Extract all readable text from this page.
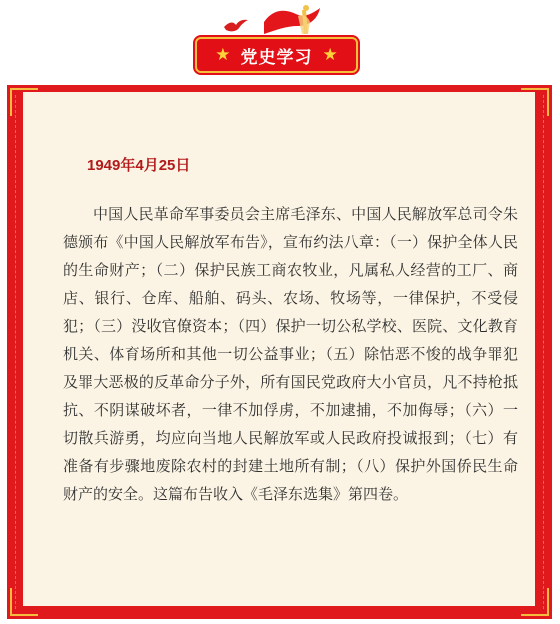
★ 党史学习 ★

1949年4月25日

中国人民革命军事委员会主席毛泽东、中国人民解放军总司令朱德颁布《中国人民解放军布告》，宣布约法八章：（一）保护全体人民的生命财产；（二）保护民族工商农牧业，凡属私人经营的工厂、商店、银行、仓库、船舶、码头、农场、牧场等，一律保护，不受侵犯；（三）没收官僚资本；（四）保护一切公私学校、医院、文化教育机关、体育场所和其他一切公益事业；（五）除怙恶不悛的战争罪犯及罪大恶极的反革命分子外，所有国民党政府大小官员，凡不持枪抵抗、不阴谋破坏者，一律不加俘虏，不加逮捕，不加侮辱；（六）一切散兵游勇，均应向当地人民解放军或人民政府投诚报到；（七）有准备有步骤地废除农村的封建土地所有制；（八）保护外国侨民生命财产的安全。这篇布告收入《毛泽东选集》第四卷。
